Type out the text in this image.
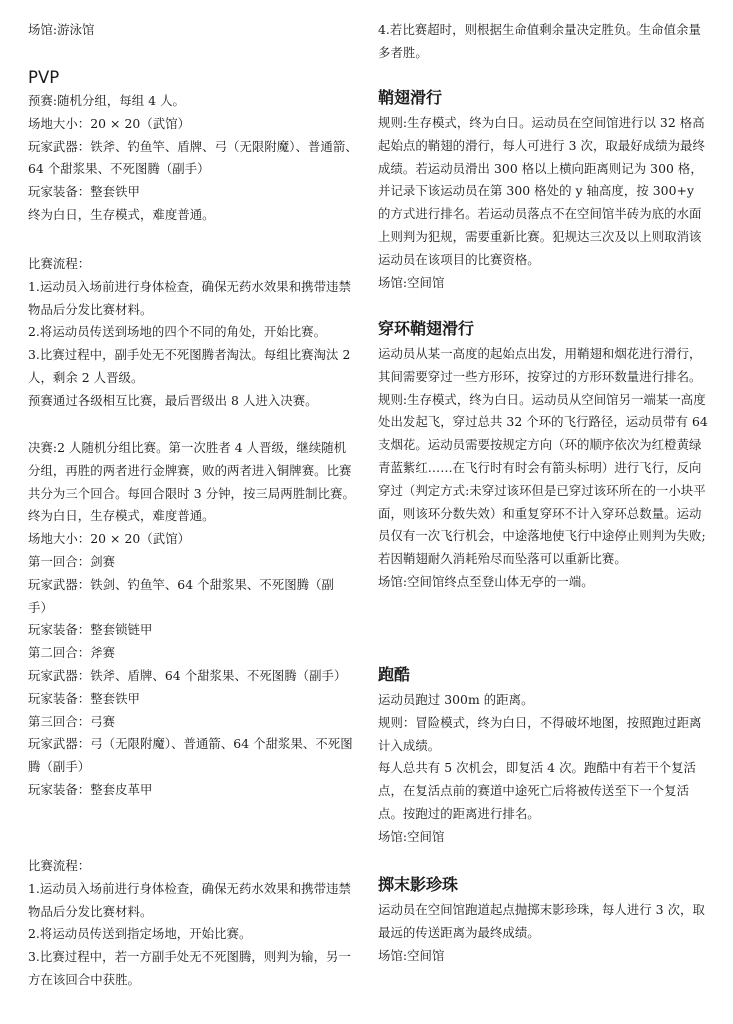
场馆:游泳馆

PVP

预赛:随机分组，每组 4 人。
场地大小：20 × 20（武馆）
玩家武器：铁斧、钓鱼竿、盾牌、弓（无限附魔）、普通箭、64 个甜浆果、不死图腾（副手）
玩家装备：整套铁甲
终为白日，生存模式，难度普通。

比赛流程：
1.运动员入场前进行身体检查，确保无药水效果和携带违禁物品后分发比赛材料。
2.将运动员传送到场地的四个不同的角处，开始比赛。
3.比赛过程中，副手处无不死图腾者淘汰。每组比赛淘汰 2 人，剩余 2 人晋级。
预赛通过各级相互比赛，最后晋级出 8 人进入决赛。

决赛:2 人随机分组比赛。第一次胜者 4 人晋级，继续随机分组，再胜的两者进行金牌赛，败的两者进入铜牌赛。比赛共分为三个回合。每回合限时 3 分钟，按三局两胜制比赛。
终为白日，生存模式，难度普通。
场地大小：20 × 20（武馆）
第一回合：剑赛
玩家武器：铁剑、钓鱼竿、64 个甜浆果、不死图腾（副手）
玩家装备：整套锁链甲
第二回合：斧赛
玩家武器：铁斧、盾牌、64 个甜浆果、不死图腾（副手）
玩家装备：整套铁甲
第三回合：弓赛
玩家武器：弓（无限附魔）、普通箭、64 个甜浆果、不死图腾（副手）
玩家装备：整套皮革甲

比赛流程：
1.运动员入场前进行身体检查，确保无药水效果和携带违禁物品后分发比赛材料。
2.将运动员传送到指定场地，开始比赛。
3.比赛过程中，若一方副手处无不死图腾，则判为输，另一方在该回合中获胜。

4.若比赛超时，则根据生命值剩余量决定胜负。生命值余量多者胜。

鞘翅滑行

规则:生存模式，终为白日。运动员在空间馆进行以 32 格高起始点的鞘翅的滑行，每人可进行 3 次，取最好成绩为最终成绩。若运动员滑出 300 格以上横向距离则记为 300 格，并记录下该运动员在第 300 格处的 y 轴高度，按 300+y 的方式进行排名。若运动员落点不在空间馆半砖为底的水面上则判为犯规，需要重新比赛。犯规达三次及以上则取消该运动员在该项目的比赛资格。
场馆:空间馆

穿环鞘翅滑行

运动员从某一高度的起始点出发，用鞘翅和烟花进行滑行，其间需要穿过一些方形环，按穿过的方形环数量进行排名。
规则:生存模式，终为白日。运动员从空间馆另一端某一高度处出发起飞，穿过总共 32 个环的飞行路径，运动员带有 64 支烟花。运动员需要按规定方向（环的顺序依次为红橙黄绿青蓝紫红……在飞行时有时会有箭头标明）进行飞行，反向穿过（判定方式:未穿过该环但是已穿过该环所在的一小块平面，则该环分数失效）和重复穿环不计入穿环总数量。运动员仅有一次飞行机会，中途落地使飞行中途停止则判为失败;若因鞘翅耐久消耗殆尽而坠落可以重新比赛。
场馆:空间馆终点至登山体无亭的一端。

跑酷

运动员跑过 300m 的距离。
规则：冒险模式，终为白日，不得破坏地图，按照跑过距离计入成绩。
每人总共有 5 次机会，即复活 4 次。跑酷中有若干个复活点，在复活点前的赛道中途死亡后将被传送至下一个复活点。按跑过的距离进行排名。
场馆:空间馆

掷末影珍珠

运动员在空间馆跑道起点抛掷末影珍珠，每人进行 3 次，取最远的传送距离为最终成绩。
场馆:空间馆
